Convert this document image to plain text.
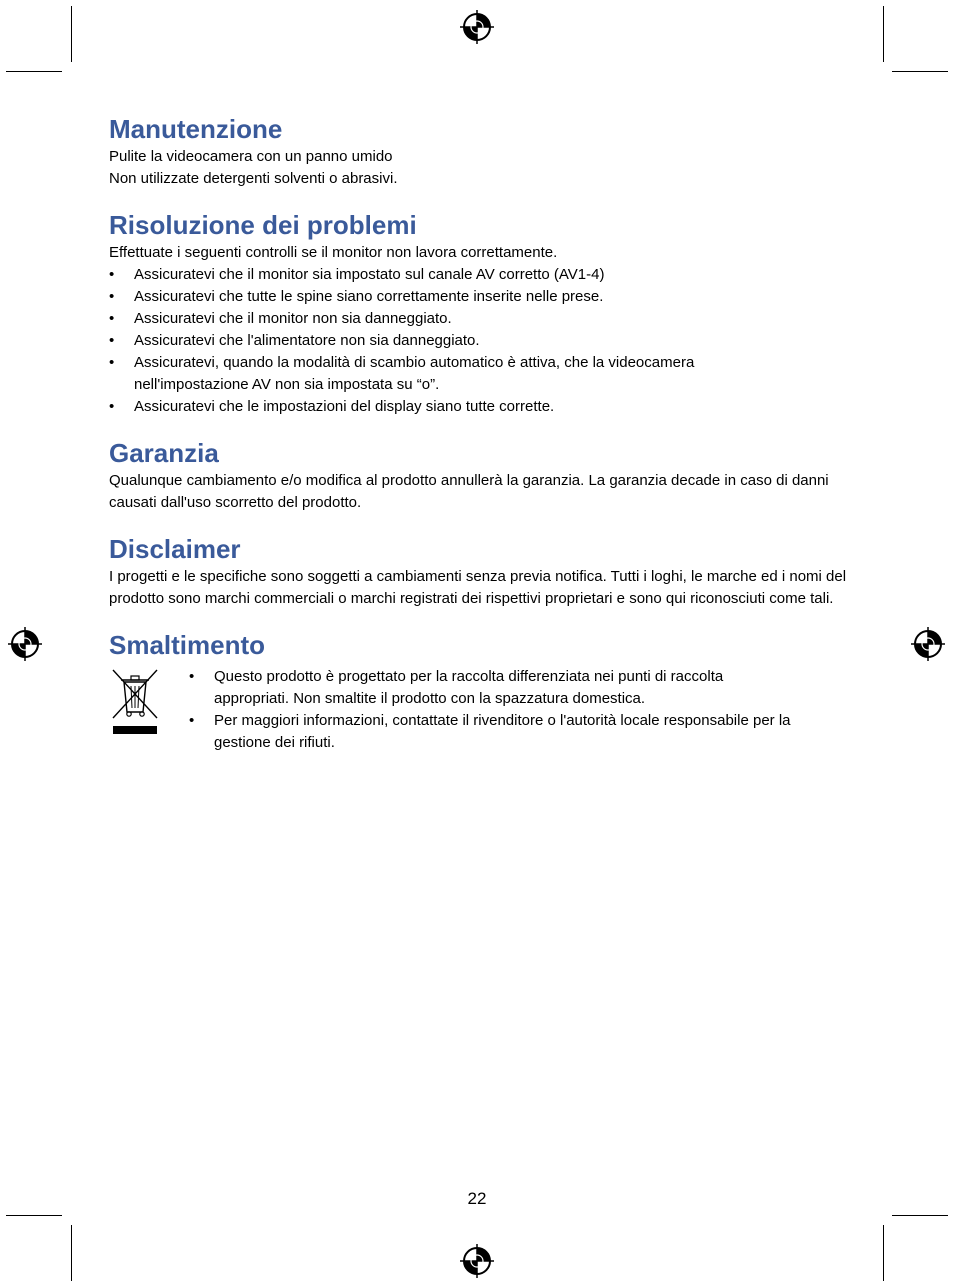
Manutenzione

Pulite la videocamera con un panno umido

Non utilizzate detergenti solventi o abrasivi.

Risoluzione dei problemi

Effettuate i seguenti controlli se il monitor non lavora correttamente.

• Assicuratevi che il monitor sia impostato sul canale AV corretto (AV1-4)
• Assicuratevi che tutte le spine siano correttamente inserite nelle prese.
• Assicuratevi che il monitor non sia danneggiato.
• Assicuratevi che l'alimentatore non sia danneggiato.
• Assicuratevi, quando la modalità di scambio automatico è attiva, che la videocamera nell'impostazione AV non sia impostata su “ο”.
• Assicuratevi che le impostazioni del display siano tutte corrette.
Garanzia

Qualunque cambiamento e/o modifica al prodotto annullerà la garanzia. La garanzia decade in caso di danni causati dall'uso scorretto del prodotto.

Disclaimer

I progetti e le specifiche sono soggetti a cambiamenti senza previa notifica. Tutti i loghi, le marche ed i nomi del prodotto sono marchi commerciali o marchi registrati dei rispettivi proprietari e sono qui riconosciuti come tali.

Smaltimento
• Questo prodotto è progettato per la raccolta differenziata nei punti di raccolta appropriati. Non smaltite il prodotto con la spazzatura domestica.
• Per maggiori informazioni, contattate il rivenditore o l'autorità locale responsabile per la gestione dei rifiuti.
22
